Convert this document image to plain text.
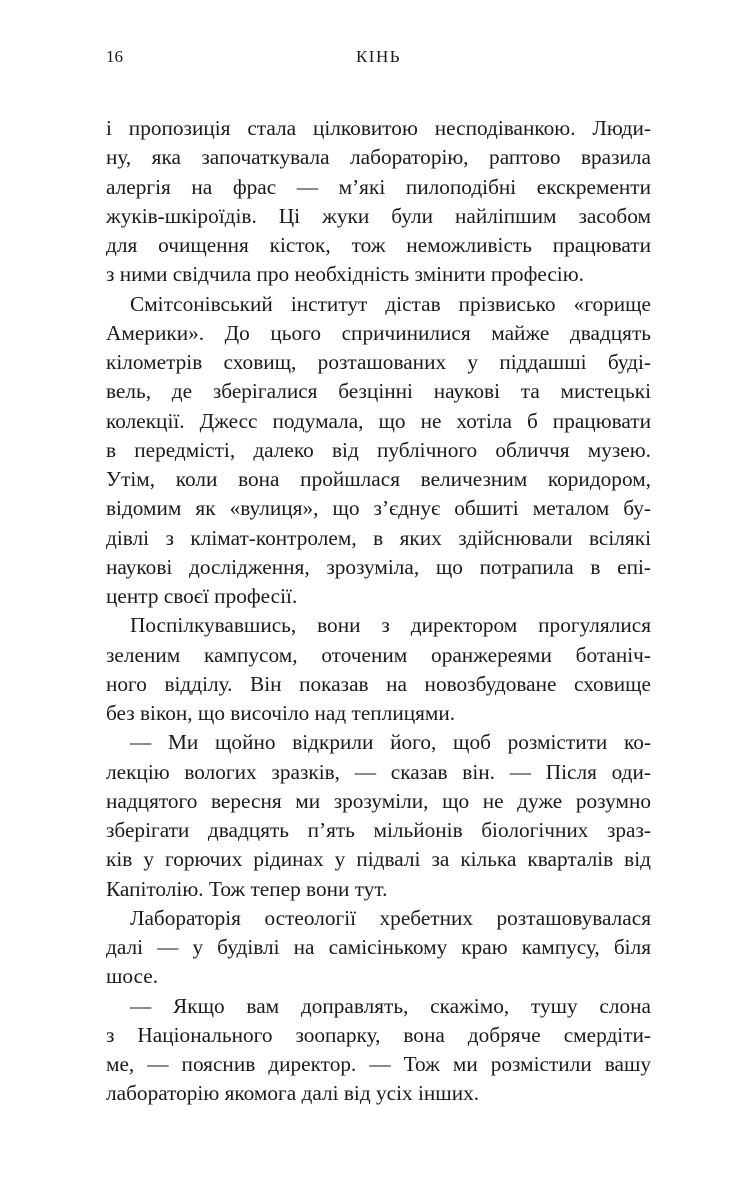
16	КІНЬ
і пропозиція стала цілковитою несподіванкою. Люди-
ну, яка започаткувала лабораторію, раптово вразила
алергія на фрас — м’які пилоподібні екскременти
жуків-шкіроїдів. Ці жуки були найліпшим засобом
для очищення кісток, тож неможливість працювати
з ними свідчила про необхідність змінити професію.
Смітсонівський інститут дістав прізвисько «горище
Америки». До цього спричинилися майже двадцять
кілометрів сховищ, розташованих у піддашші буді-
вель, де зберігалися безцінні наукові та мистецькі
колекції. Джесс подумала, що не хотіла б працювати
в передмісті, далеко від публічного обличчя музею.
Утім, коли вона пройшлася величезним коридором,
відомим як «вулиця», що з’єднує обшиті металом бу-
дівлі з клімат-контролем, в яких здійснювали всілякі
наукові дослідження, зрозуміла, що потрапила в епі-
центр своєї професії.
Поспілкувавшись, вони з директором прогулялися
зеленим кампусом, оточеним оранжереями ботаніч-
ного відділу. Він показав на новозбудоване сховище
без вікон, що височіло над теплицями.
— Ми щойно відкрили його, щоб розмістити ко-
лекцію вологих зразків, — сказав він. — Після оди-
надцятого вересня ми зрозуміли, що не дуже розумно
зберігати двадцять п’ять мільйонів біологічних зраз-
ків у горючих рідинах у підвалі за кілька кварталів від
Капітолію. Тож тепер вони тут.
Лабораторія остеології хребетних розташовувалася
далі — у будівлі на самісінькому краю кампусу, біля
шосе.
— Якщо вам доправлять, скажімо, тушу слона
з Національного зоопарку, вона добряче смердіти-
ме, — пояснив директор. — Тож ми розмістили вашу
лабораторію якомога далі від усіх інших.
